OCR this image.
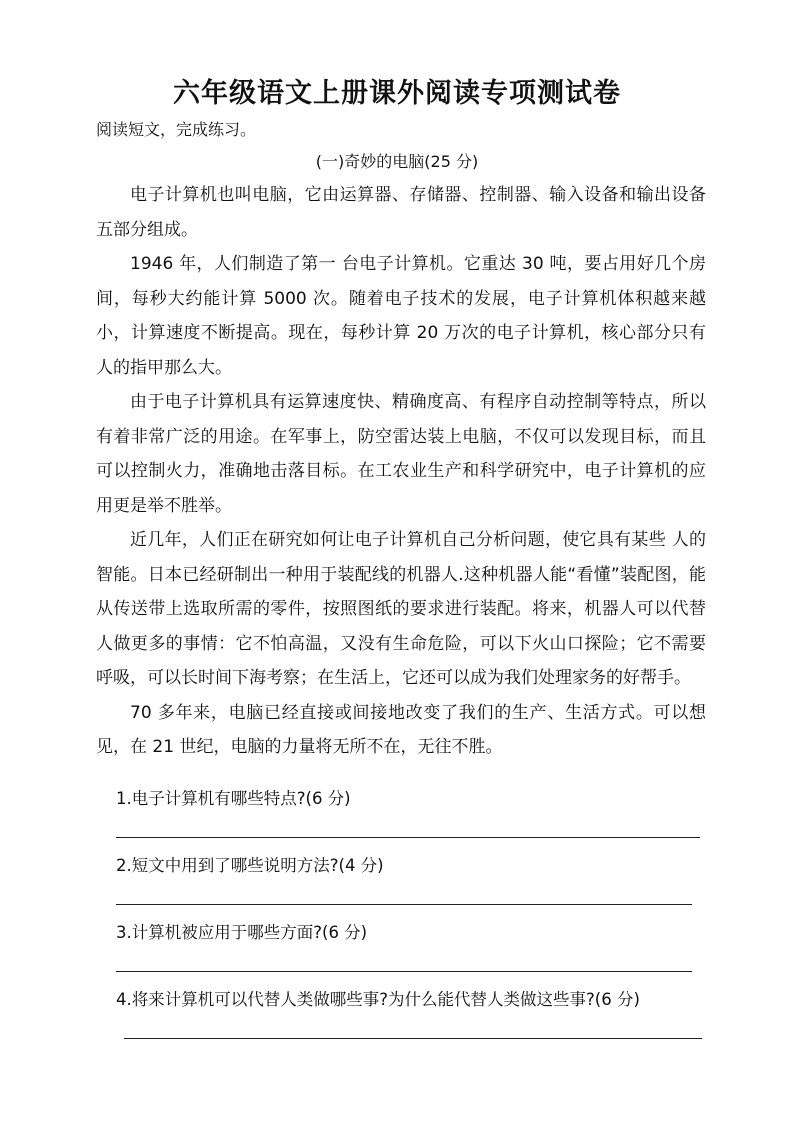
六年级语文上册课外阅读专项测试卷
阅读短文，完成练习。
(一)奇妙的电脑(25 分)

电子计算机也叫电脑，它由运算器、存储器、控制器、输入设备和输出设备五部分组成。

1946 年，人们制造了第一 台电子计算机。它重达 30 吨，要占用好几个房间，每秒大约能计算 5000 次。随着电子技术的发展，电子计算机体积越来越小，计算速度不断提高。现在，每秒计算 20 万次的电子计算机，核心部分只有人的指甲那么大。

由于电子计算机具有运算速度快、精确度高、有程序自动控制等特点，所以有着非常广泛的用途。在军事上，防空雷达装上电脑，不仅可以发现目标，而且可以控制火力，准确地击落目标。在工农业生产和科学研究中，电子计算机的应用更是举不胜举。

近几年，人们正在研究如何让电子计算机自己分析问题，使它具有某些 人的智能。日本已经研制出一种用于装配线的机器人.这种机器人能“看懂”装配图，能从传送带上选取所需的零件，按照图纸的要求进行装配。将来，机器人可以代替人做更多的事情：它不怕高温，又没有生命危险，可以下火山口探险；它不需要呼吸，可以长时间下海考察；在生活上，它还可以成为我们处理家务的好帮手。

70 多年来，电脑已经直接或间接地改变了我们的生产、生活方式。可以想见，在 21 世纪，电脑的力量将无所不在，无往不胜。

1.电子计算机有哪些特点?(6 分)
2.短文中用到了哪些说明方法?(4 分)
3.计算机被应用于哪些方面?(6 分)
4.将来计算机可以代替人类做哪些事?为什么能代替人类做这些事?(6 分)
